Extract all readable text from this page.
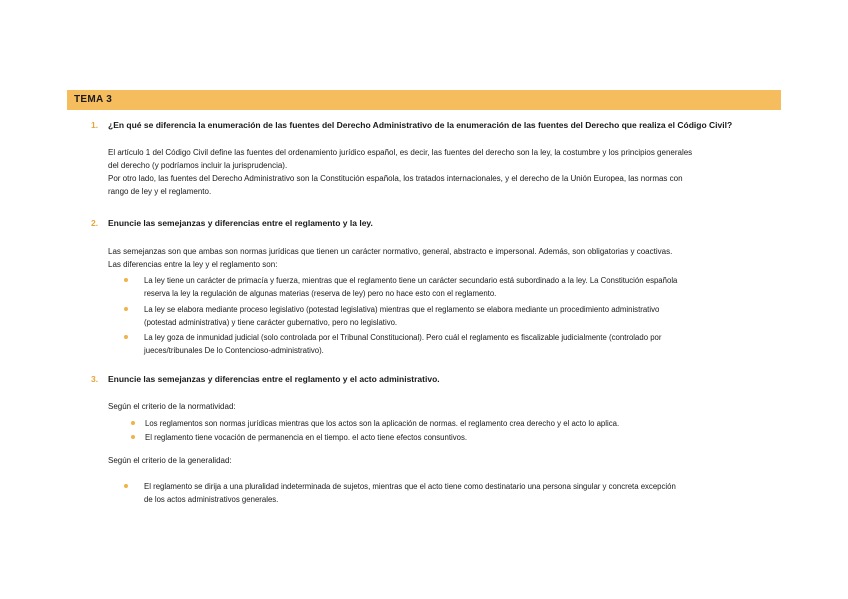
TEMA 3
1. ¿En qué se diferencia la enumeración de las fuentes del Derecho Administrativo de la enumeración de las fuentes del Derecho que realiza el Código Civil?
El artículo 1 del Código Civil define las fuentes del ordenamiento jurídico español, es decir, las fuentes del derecho son la ley, la costumbre y los principios generales
del derecho (y podríamos incluir la jurisprudencia).
Por otro lado, las fuentes del Derecho Administrativo son la Constitución española, los tratados internacionales, y el derecho de la Unión Europea, las normas con
rango de ley y el reglamento.
2. Enuncie las semejanzas y diferencias entre el reglamento y la ley.
Las semejanzas son que ambas son normas jurídicas que tienen un carácter normativo, general, abstracto e impersonal. Además, son obligatorias y coactivas.
Las diferencias entre la ley y el reglamento son:
La ley tiene un carácter de primacía y fuerza, mientras que el reglamento tiene un carácter secundario está subordinado a la ley. La Constitución española
reserva la ley la regulación de algunas materias (reserva de ley) pero no hace esto con el reglamento.
La ley se elabora mediante proceso legislativo (potestad legislativa) mientras que el reglamento se elabora mediante un procedimiento administrativo
(potestad administrativa) y tiene carácter gubernativo, pero no legislativo.
La ley goza de inmunidad judicial (solo controlada por el Tribunal Constitucional). Pero cuál el reglamento es fiscalizable judicialmente (controlado por
jueces/tribunales De lo Contencioso-administrativo).
3. Enuncie las semejanzas y diferencias entre el reglamento y el acto administrativo.
Según el criterio de la normatividad:
Los reglamentos son normas jurídicas mientras que los actos son la aplicación de normas. el reglamento crea derecho y el acto lo aplica.
El reglamento tiene vocación de permanencia en el tiempo. el acto tiene efectos consuntivos.
Según el criterio de la generalidad:
El reglamento se dirija a una pluralidad indeterminada de sujetos, mientras que el acto tiene como destinatario una persona singular y concreta excepción
de los actos administrativos generales.
